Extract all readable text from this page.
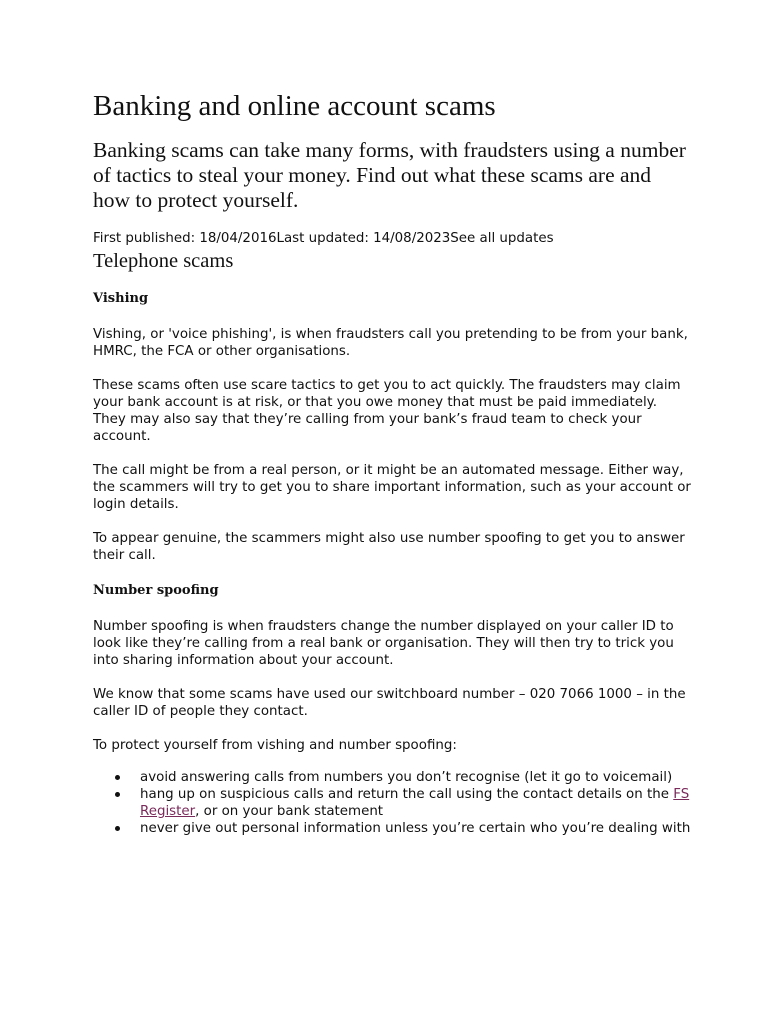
Banking and online account scams

Banking scams can take many forms, with fraudsters using a number of tactics to steal your money. Find out what these scams are and how to protect yourself.

First published: 18/04/2016Last updated: 14/08/2023See all updates
Telephone scams
Vishing

Vishing, or 'voice phishing', is when fraudsters call you pretending to be from your bank, HMRC, the FCA or other organisations.

These scams often use scare tactics to get you to act quickly. The fraudsters may claim your bank account is at risk, or that you owe money that must be paid immediately. They may also say that they’re calling from your bank’s fraud team to check your account.

The call might be from a real person, or it might be an automated message. Either way, the scammers will try to get you to share important information, such as your account or login details.

To appear genuine, the scammers might also use number spoofing to get you to answer their call.

Number spoofing

Number spoofing is when fraudsters change the number displayed on your caller ID to look like they’re calling from a real bank or organisation. They will then try to trick you into sharing information about your account.

We know that some scams have used our switchboard number – 020 7066 1000 – in the caller ID of people they contact.

To protect yourself from vishing and number spoofing:

avoid answering calls from numbers you don’t recognise (let it go to voicemail)
hang up on suspicious calls and return the call using the contact details on the FS Register, or on your bank statement
never give out personal information unless you’re certain who you’re dealing with
